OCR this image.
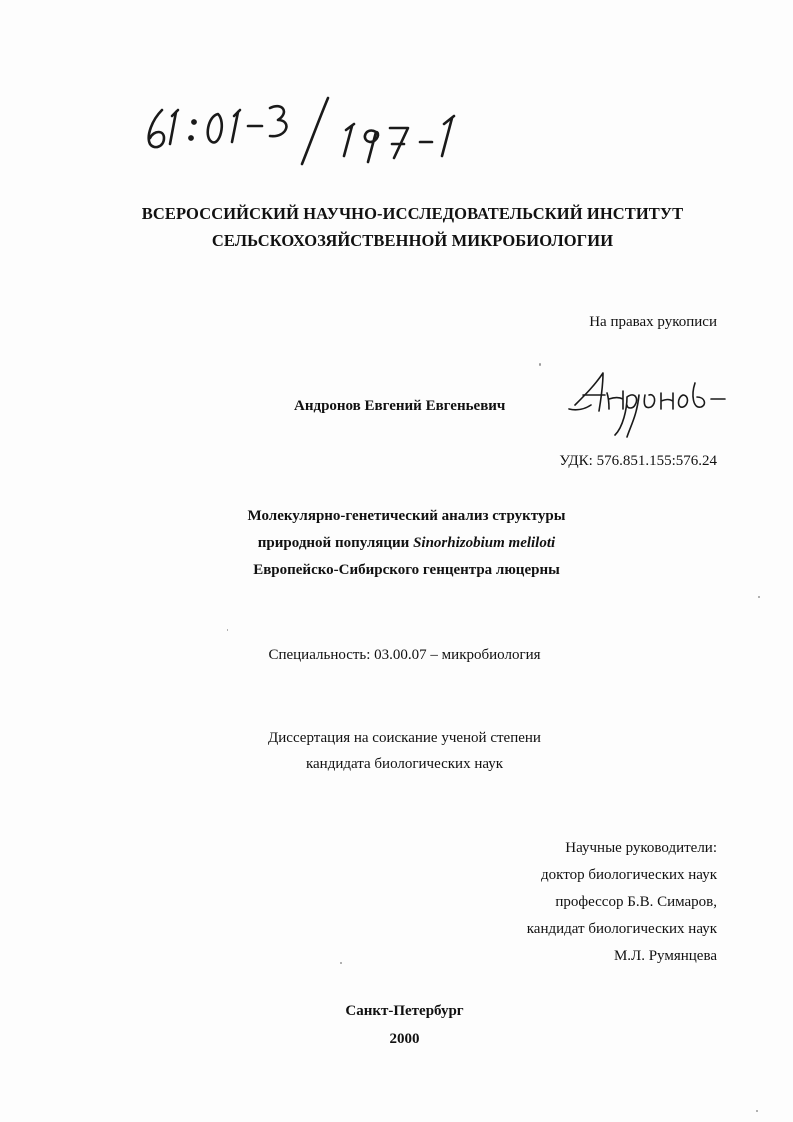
ВСЕРОССИЙСКИЙ НАУЧНО-ИССЛЕДОВАТЕЛЬСКИЙ ИНСТИТУТ
СЕЛЬСКОХОЗЯЙСТВЕННОЙ МИКРОБИОЛОГИИ
На правах рукописи
Андронов Евгений Евгеньевич
УДК: 576.851.155:576.24
Молекулярно-генетический анализ структуры
природной популяции Sinorhizobium meliloti
Европейско-Сибирского генцентра люцерны
Специальность: 03.00.07 – микробиология
Диссертация на соискание ученой степени
кандидата биологических наук
Научные руководители:
доктор биологических наук
профессор Б.В. Симаров,
кандидат биологических наук
М.Л. Румянцева
Санкт-Петербург
2000
